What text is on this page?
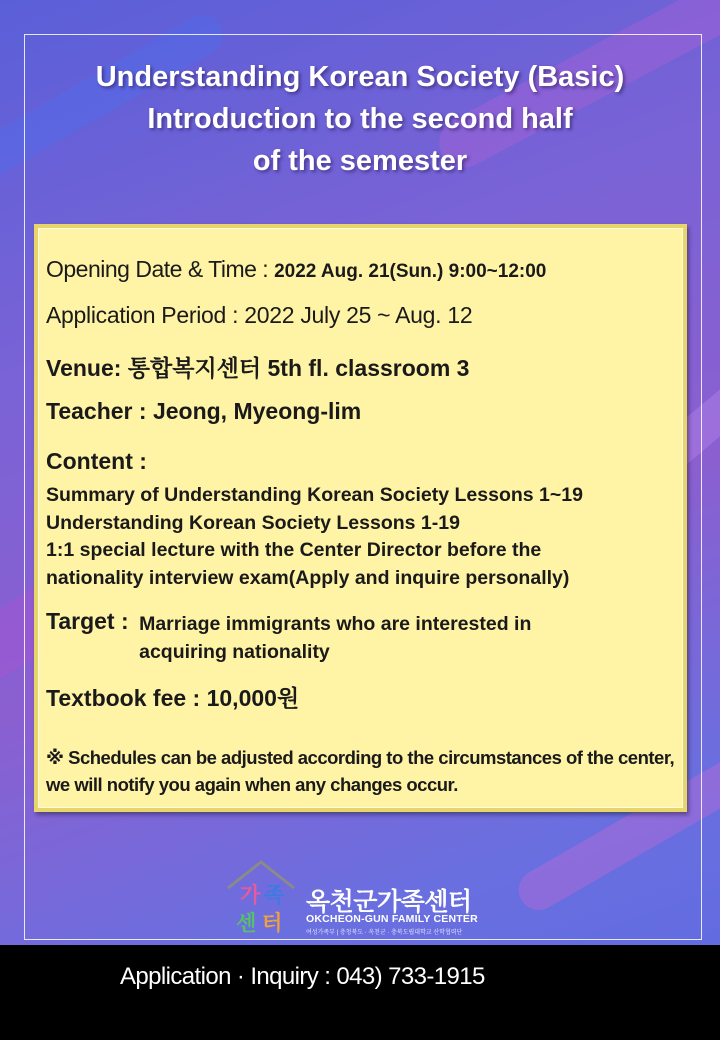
Understanding Korean Society (Basic)
Introduction to the second half
of the semester
Opening Date & Time : 2022 Aug. 21(Sun.) 9:00~12:00
Application Period : 2022 July 25 ~ Aug. 12
Venue: 통합복지센터 5th fl. classroom 3
Teacher : Jeong, Myeong-lim
Content :
Summary of Understanding Korean Society Lessons 1~19
Understanding Korean Society Lessons 1-19
1:1 special lecture with the Center Director before the
nationality interview exam(Apply and inquire personally)
Target : Marriage immigrants who are interested in
acquiring nationality
Textbook fee : 10,000원
※ Schedules can be adjusted according to the circumstances of the center, we will notify you again when any changes occur.
가 족
센 터
옥천군가족센터
OKCHEON-GUN FAMILY CENTER
여성가족부 | 충청북도 · 옥천군 · 충북도립대학교 산학협력단
Application · Inquiry : 043) 733-1915
